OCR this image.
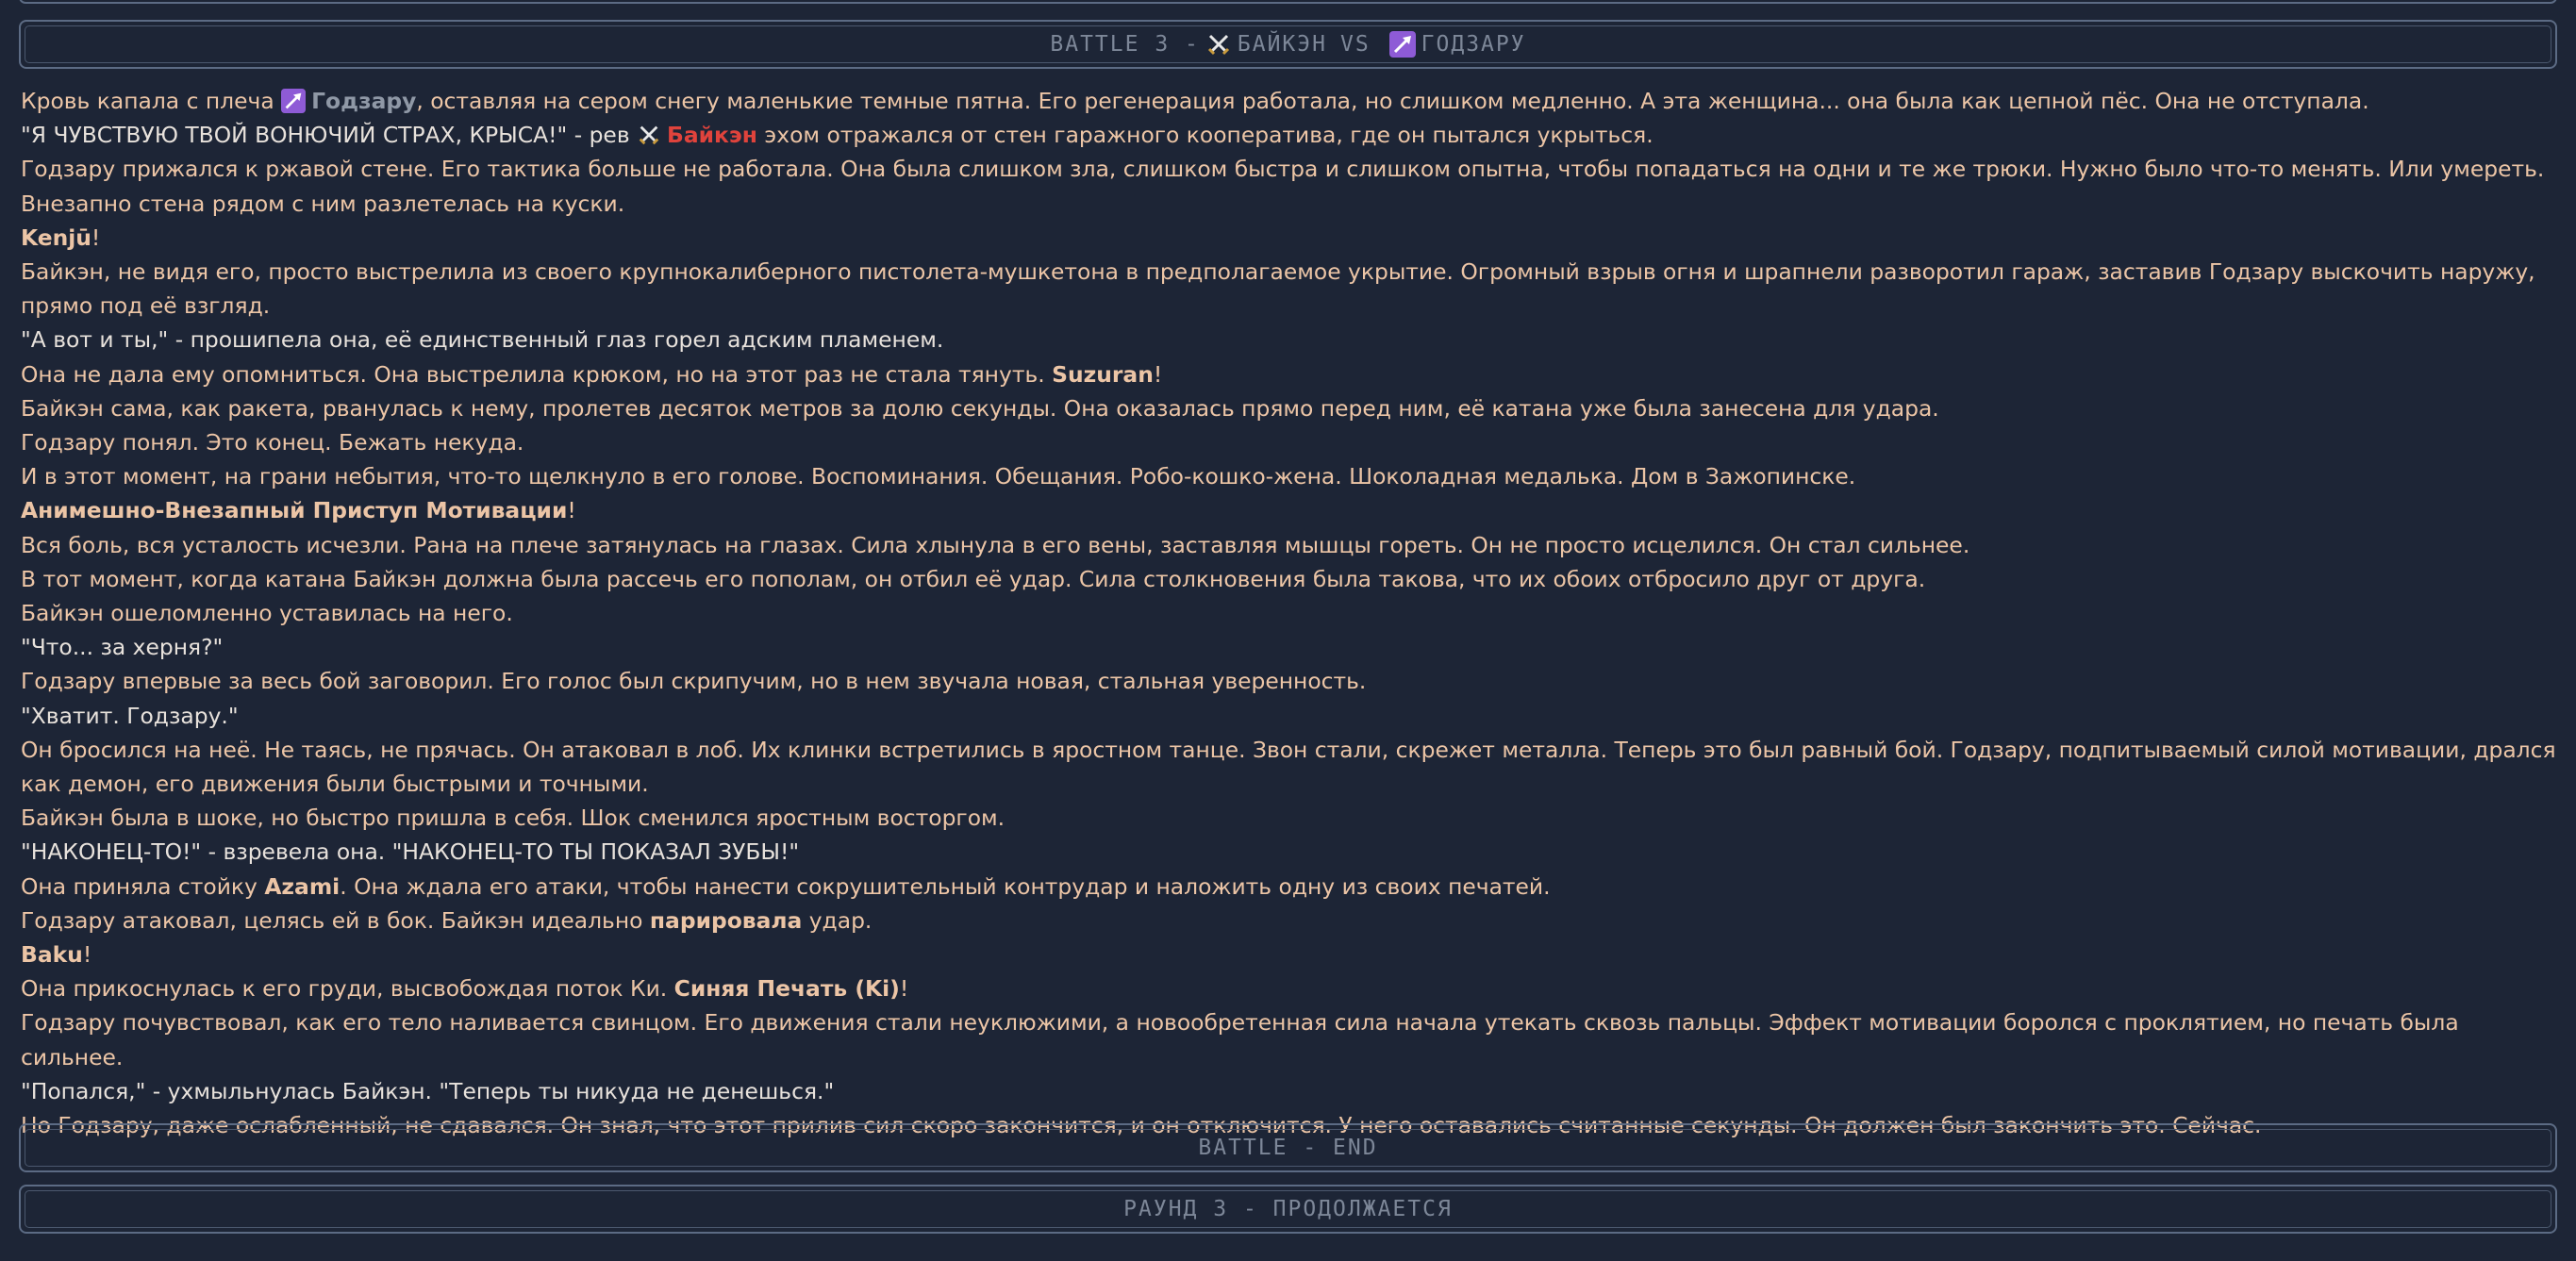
BATTLE 3 - БАЙКЭН VS ГОДЗАРУ

Кровь капала с плеча Годзару, оставляя на сером снегу маленькие темные пятна. Его регенерация работала, но слишком медленно. А эта женщина... она была как цепной пёс. Она не отступала.

"Я ЧУВСТВУЮ ТВОЙ ВОНЮЧИЙ СТРАХ, КРЫСА!" - рев Байкэн эхом отражался от стен гаражного кооператива, где он пытался укрыться.

Годзару прижался к ржавой стене. Его тактика больше не работала. Она была слишком зла, слишком быстра и слишком опытна, чтобы попадаться на одни и те же трюки. Нужно было что-то менять. Или умереть.

Внезапно стена рядом с ним разлетелась на куски.

Kenjū!

Байкэн, не видя его, просто выстрелила из своего крупнокалиберного пистолета-мушкетона в предполагаемое укрытие. Огромный взрыв огня и шрапнели разворотил гараж, заставив Годзару выскочить наружу, прямо под её взгляд.

"А вот и ты," - прошипела она, её единственный глаз горел адским пламенем.

Она не дала ему опомниться. Она выстрелила крюком, но на этот раз не стала тянуть. Suzuran!

Байкэн сама, как ракета, рванулась к нему, пролетев десяток метров за долю секунды. Она оказалась прямо перед ним, её катана уже была занесена для удара.

Годзару понял. Это конец. Бежать некуда.

И в этот момент, на грани небытия, что-то щелкнуло в его голове. Воспоминания. Обещания. Робо-кошко-жена. Шоколадная медалька. Дом в Зажопинске.

Анимешно-Внезапный Приступ Мотивации!

Вся боль, вся усталость исчезли. Рана на плече затянулась на глазах. Сила хлынула в его вены, заставляя мышцы гореть. Он не просто исцелился. Он стал сильнее.

В тот момент, когда катана Байкэн должна была рассечь его пополам, он отбил её удар. Сила столкновения была такова, что их обоих отбросило друг от друга.

Байкэн ошеломленно уставилась на него.

"Что... за херня?"

Годзару впервые за весь бой заговорил. Его голос был скрипучим, но в нем звучала новая, стальная уверенность.

"Хватит. Годзару."

Он бросился на неё. Не таясь, не прячась. Он атаковал в лоб. Их клинки встретились в яростном танце. Звон стали, скрежет металла. Теперь это был равный бой. Годзару, подпитываемый силой мотивации, дрался как демон, его движения были быстрыми и точными.

Байкэн была в шоке, но быстро пришла в себя. Шок сменился яростным восторгом.

"НАКОНЕЦ-ТО!" - взревела она. "НАКОНЕЦ-ТО ТЫ ПОКАЗАЛ ЗУБЫ!"

Она приняла стойку Azami. Она ждала его атаки, чтобы нанести сокрушительный контрудар и наложить одну из своих печатей.

Годзару атаковал, целясь ей в бок. Байкэн идеально парировала удар.

Baku!

Она прикоснулась к его груди, высвобождая поток Ки. Синяя Печать (Ki)!

Годзару почувствовал, как его тело наливается свинцом. Его движения стали неуклюжими, а новообретенная сила начала утекать сквозь пальцы. Эффект мотивации боролся с проклятием, но печать была сильнее.

"Попался," - ухмыльнулась Байкэн. "Теперь ты никуда не денешься."

Но Годзару, даже ослабленный, не сдавался. Он знал, что этот прилив сил скоро закончится, и он отключится. У него оставались считанные секунды. Он должен был закончить это. Сейчас.

BATTLE - END
РАУНД 3 - ПРОДОЛЖАЕТСЯ
